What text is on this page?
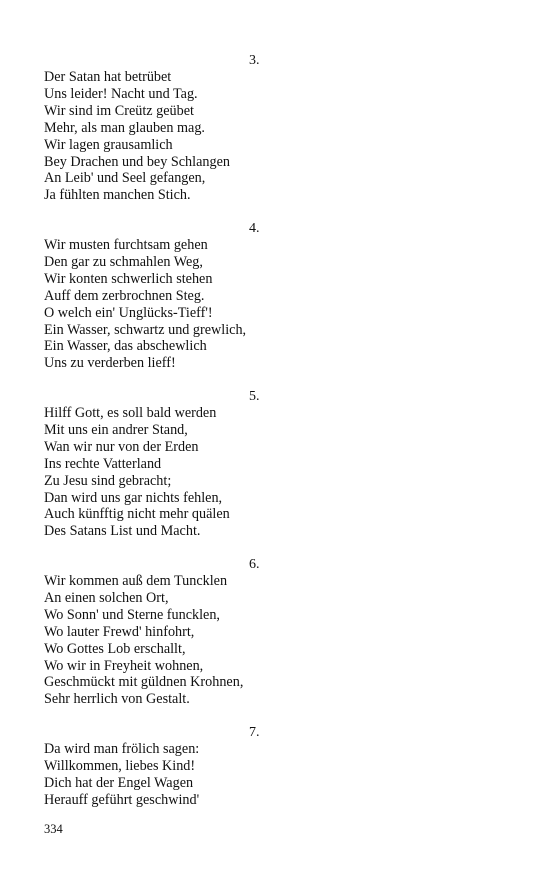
3.
Der Satan hat betrübet
Uns leider! Nacht und Tag.
Wir sind im Creütz geübet
Mehr, als man glauben mag.
Wir lagen grausamlich
Bey Drachen und bey Schlangen
An Leib' und Seel gefangen,
Ja fühlten manchen Stich.
4.
Wir musten furchtsam gehen
Den gar zu schmahlen Weg,
Wir konten schwerlich stehen
Auff dem zerbrochnen Steg.
O welch ein' Unglücks-Tieff'!
Ein Wasser, schwartz und grewlich,
Ein Wasser, das abschewlich
Uns zu verderben lieff!
5.
Hilff Gott, es soll bald werden
Mit uns ein andrer Stand,
Wan wir nur von der Erden
Ins rechte Vatterland
Zu Jesu sind gebracht;
Dan wird uns gar nichts fehlen,
Auch künfftig nicht mehr quälen
Des Satans List und Macht.
6.
Wir kommen auß dem Tuncklen
An einen solchen Ort,
Wo Sonn' und Sterne funcklen,
Wo lauter Frewd' hinfohrt,
Wo Gottes Lob erschallt,
Wo wir in Freyheit wohnen,
Geschmückt mit güldnen Krohnen,
Sehr herrlich von Gestalt.
7.
Da wird man frölich sagen:
Willkommen, liebes Kind!
Dich hat der Engel Wagen
Herauff geführt geschwind'
334
